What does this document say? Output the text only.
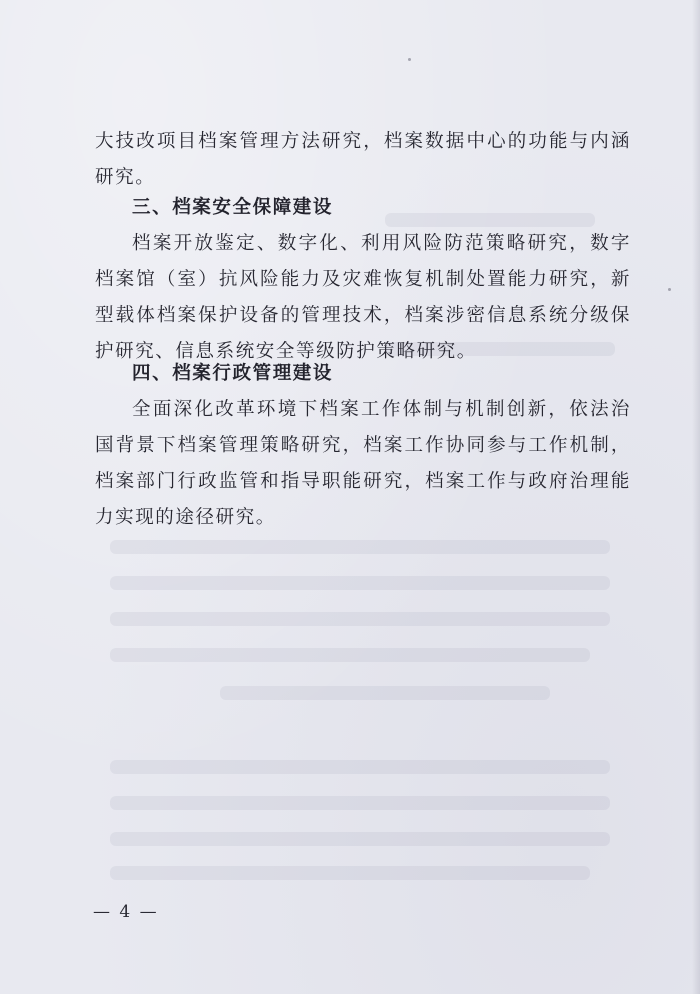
大技改项目档案管理方法研究，档案数据中心的功能与内涵研究。

三、档案安全保障建设

档案开放鉴定、数字化、利用风险防范策略研究，数字档案馆（室）抗风险能力及灾难恢复机制处置能力研究，新型载体档案保护设备的管理技术，档案涉密信息系统分级保护研究、信息系统安全等级防护策略研究。

四、档案行政管理建设

全面深化改革环境下档案工作体制与机制创新，依法治国背景下档案管理策略研究，档案工作协同参与工作机制，档案部门行政监管和指导职能研究，档案工作与政府治理能力实现的途径研究。

— 4 —
